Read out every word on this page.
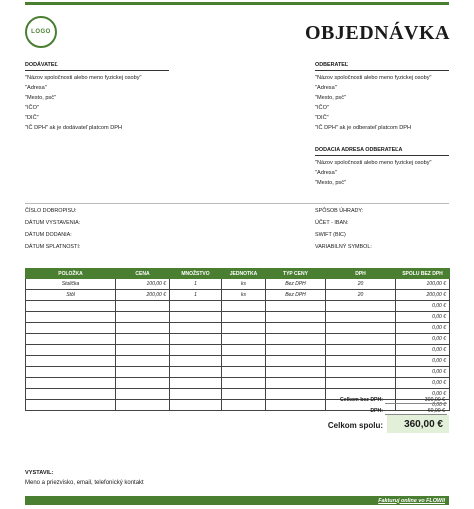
LOGO	OBJEDNÁVKA
DODÁVATEĽ
"Názov spoločnosti alebo meno fyzickej osoby"
"Adresa"
"Mesto, psč"
"IČO"
"DIČ"
"IČ DPH" ak je dodávateľ platcom DPH
ODBERATEĽ
"Názov spoločnosti alebo meno fyzickej osoby"
"Adresa"
"Mesto, psč"
"IČO"
"DIČ"
"IČ DPH" ak je odberateľ platcom DPH
DODACIA ADRESA ODBERATEĽA
"Názov spoločnosti alebo meno fyzickej osoby"
"Adresa"
"Mesto, psč"
ČÍSLO DOBROPISU:
DÁTUM VYSTAVENIA:
DÁTUM DODANIA:
DÁTUM SPLATNOSTI:
SPÔSOB ÚHRADY:
ÚČET - IBAN:
SWIFT (BIC)
VARIABILNÝ SYMBOL:
POLOŽKA	CENA	MNOŽSTVO	JEDNOTKA	TYP CENY	DPH	SPOLU BEZ DPH
Stolička	100,00 €	1	ks	Bez DPH	20	100,00 €
Stôl	200,00 €	1	ks	Bez DPH	20	200,00 €
						0,00 €
						0,00 €
						0,00 €
						0,00 €
						0,00 €
						0,00 €
						0,00 €
						0,00 €
						0,00 €
						0,00 €
Celkom bez DPH:	300,00 €
DPH:	60,00 €
Celkom spolu:	360,00 €
VYSTAVIL:
Meno a priezvisko, email, telefonický kontakt
Fakturuj online vo FLOWII
